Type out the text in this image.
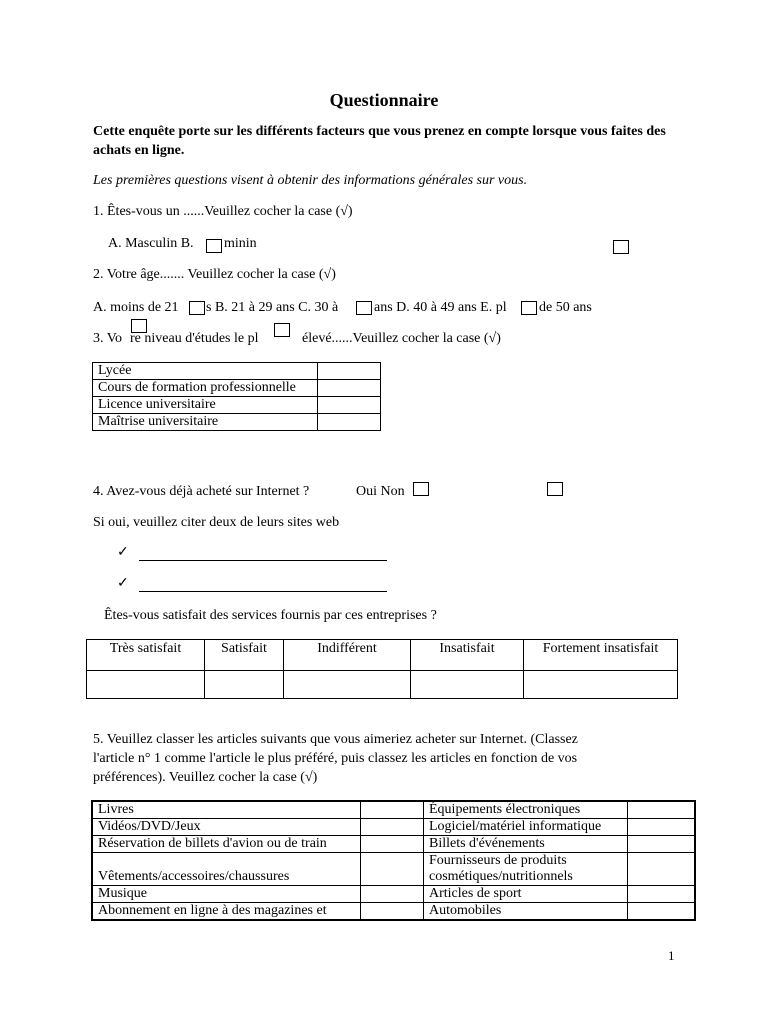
Questionnaire
Cette enquête porte sur les différents facteurs que vous prenez en compte lorsque vous faites des achats en ligne.
Les premières questions visent à obtenir des informations générales sur vous.
1. Êtes-vous un ......Veuillez cocher la case (√)
A. Masculin B. minin
2. Votre âge....... Veuillez cocher la case (√)
A. moins de 21 s B. 21 à 29 ans C. 30 à	ans D. 40 à 49 ans E. pl de 50 ans
3. Vo re niveau d'études le pl	élevé......Veuillez cocher la case (√)
Lycée	
Cours de formation professionnelle	
Licence universitaire	
Maîtrise universitaire	
4. Avez-vous déjà acheté sur Internet ?	Oui Non
Si oui, veuillez citer deux de leurs sites web
✓
✓
Êtes-vous satisfait des services fournis par ces entreprises ?
Très satisfait	Satisfait	Indifférent	Insatisfait	Fortement insatisfait

5. Veuillez classer les articles suivants que vous aimeriez acheter sur Internet. (Classez
l'article n° 1 comme l'article le plus préféré, puis classez les articles en fonction de vos
préférences). Veuillez cocher la case (√)
Livres		Équipements électroniques	
Vidéos/DVD/Jeux		Logiciel/matériel informatique	
Réservation de billets d'avion ou de train		Billets d'événements	
Vêtements/accessoires/chaussures		Fournisseurs de produits cosmétiques/nutritionnels	
Musique		Articles de sport	
Abonnement en ligne à des magazines et		Automobiles	
1
